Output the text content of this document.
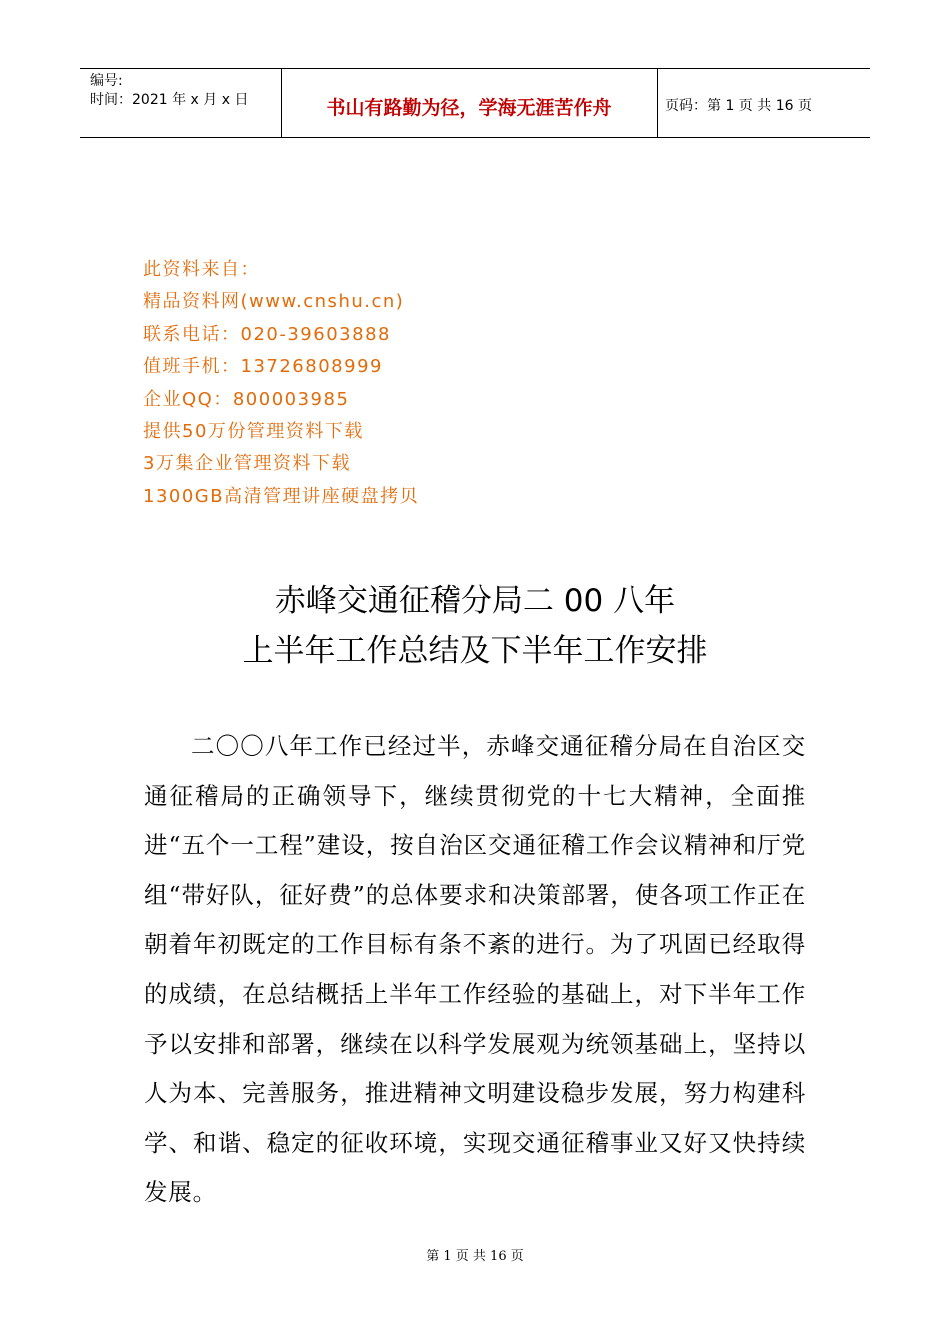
编号:
时间：2021 年 x 月 x 日	书山有路勤为径，学海无涯苦作舟	页码：第 1 页 共 16 页
此资料来自：
精品资料网(www.cnshu.cn)
联系电话：020-39603888
值班手机：13726808999
企业QQ：800003985
提供50万份管理资料下载
3万集企业管理资料下载
1300GB高清管理讲座硬盘拷贝
赤峰交通征稽分局二 00 八年
上半年工作总结及下半年工作安排
二〇〇八年工作已经过半，赤峰交通征稽分局在自治区交通征稽局的正确领导下，继续贯彻党的十七大精神，全面推进“五个一工程”建设，按自治区交通征稽工作会议精神和厅党组“带好队，征好费”的总体要求和决策部署，使各项工作正在朝着年初既定的工作目标有条不紊的进行。为了巩固已经取得的成绩，在总结概括上半年工作经验的基础上，对下半年工作予以安排和部署，继续在以科学发展观为统领基础上，坚持以人为本、完善服务，推进精神文明建设稳步发展，努力构建科学、和谐、稳定的征收环境，实现交通征稽事业又好又快持续发展。
第 1 页 共 16 页
